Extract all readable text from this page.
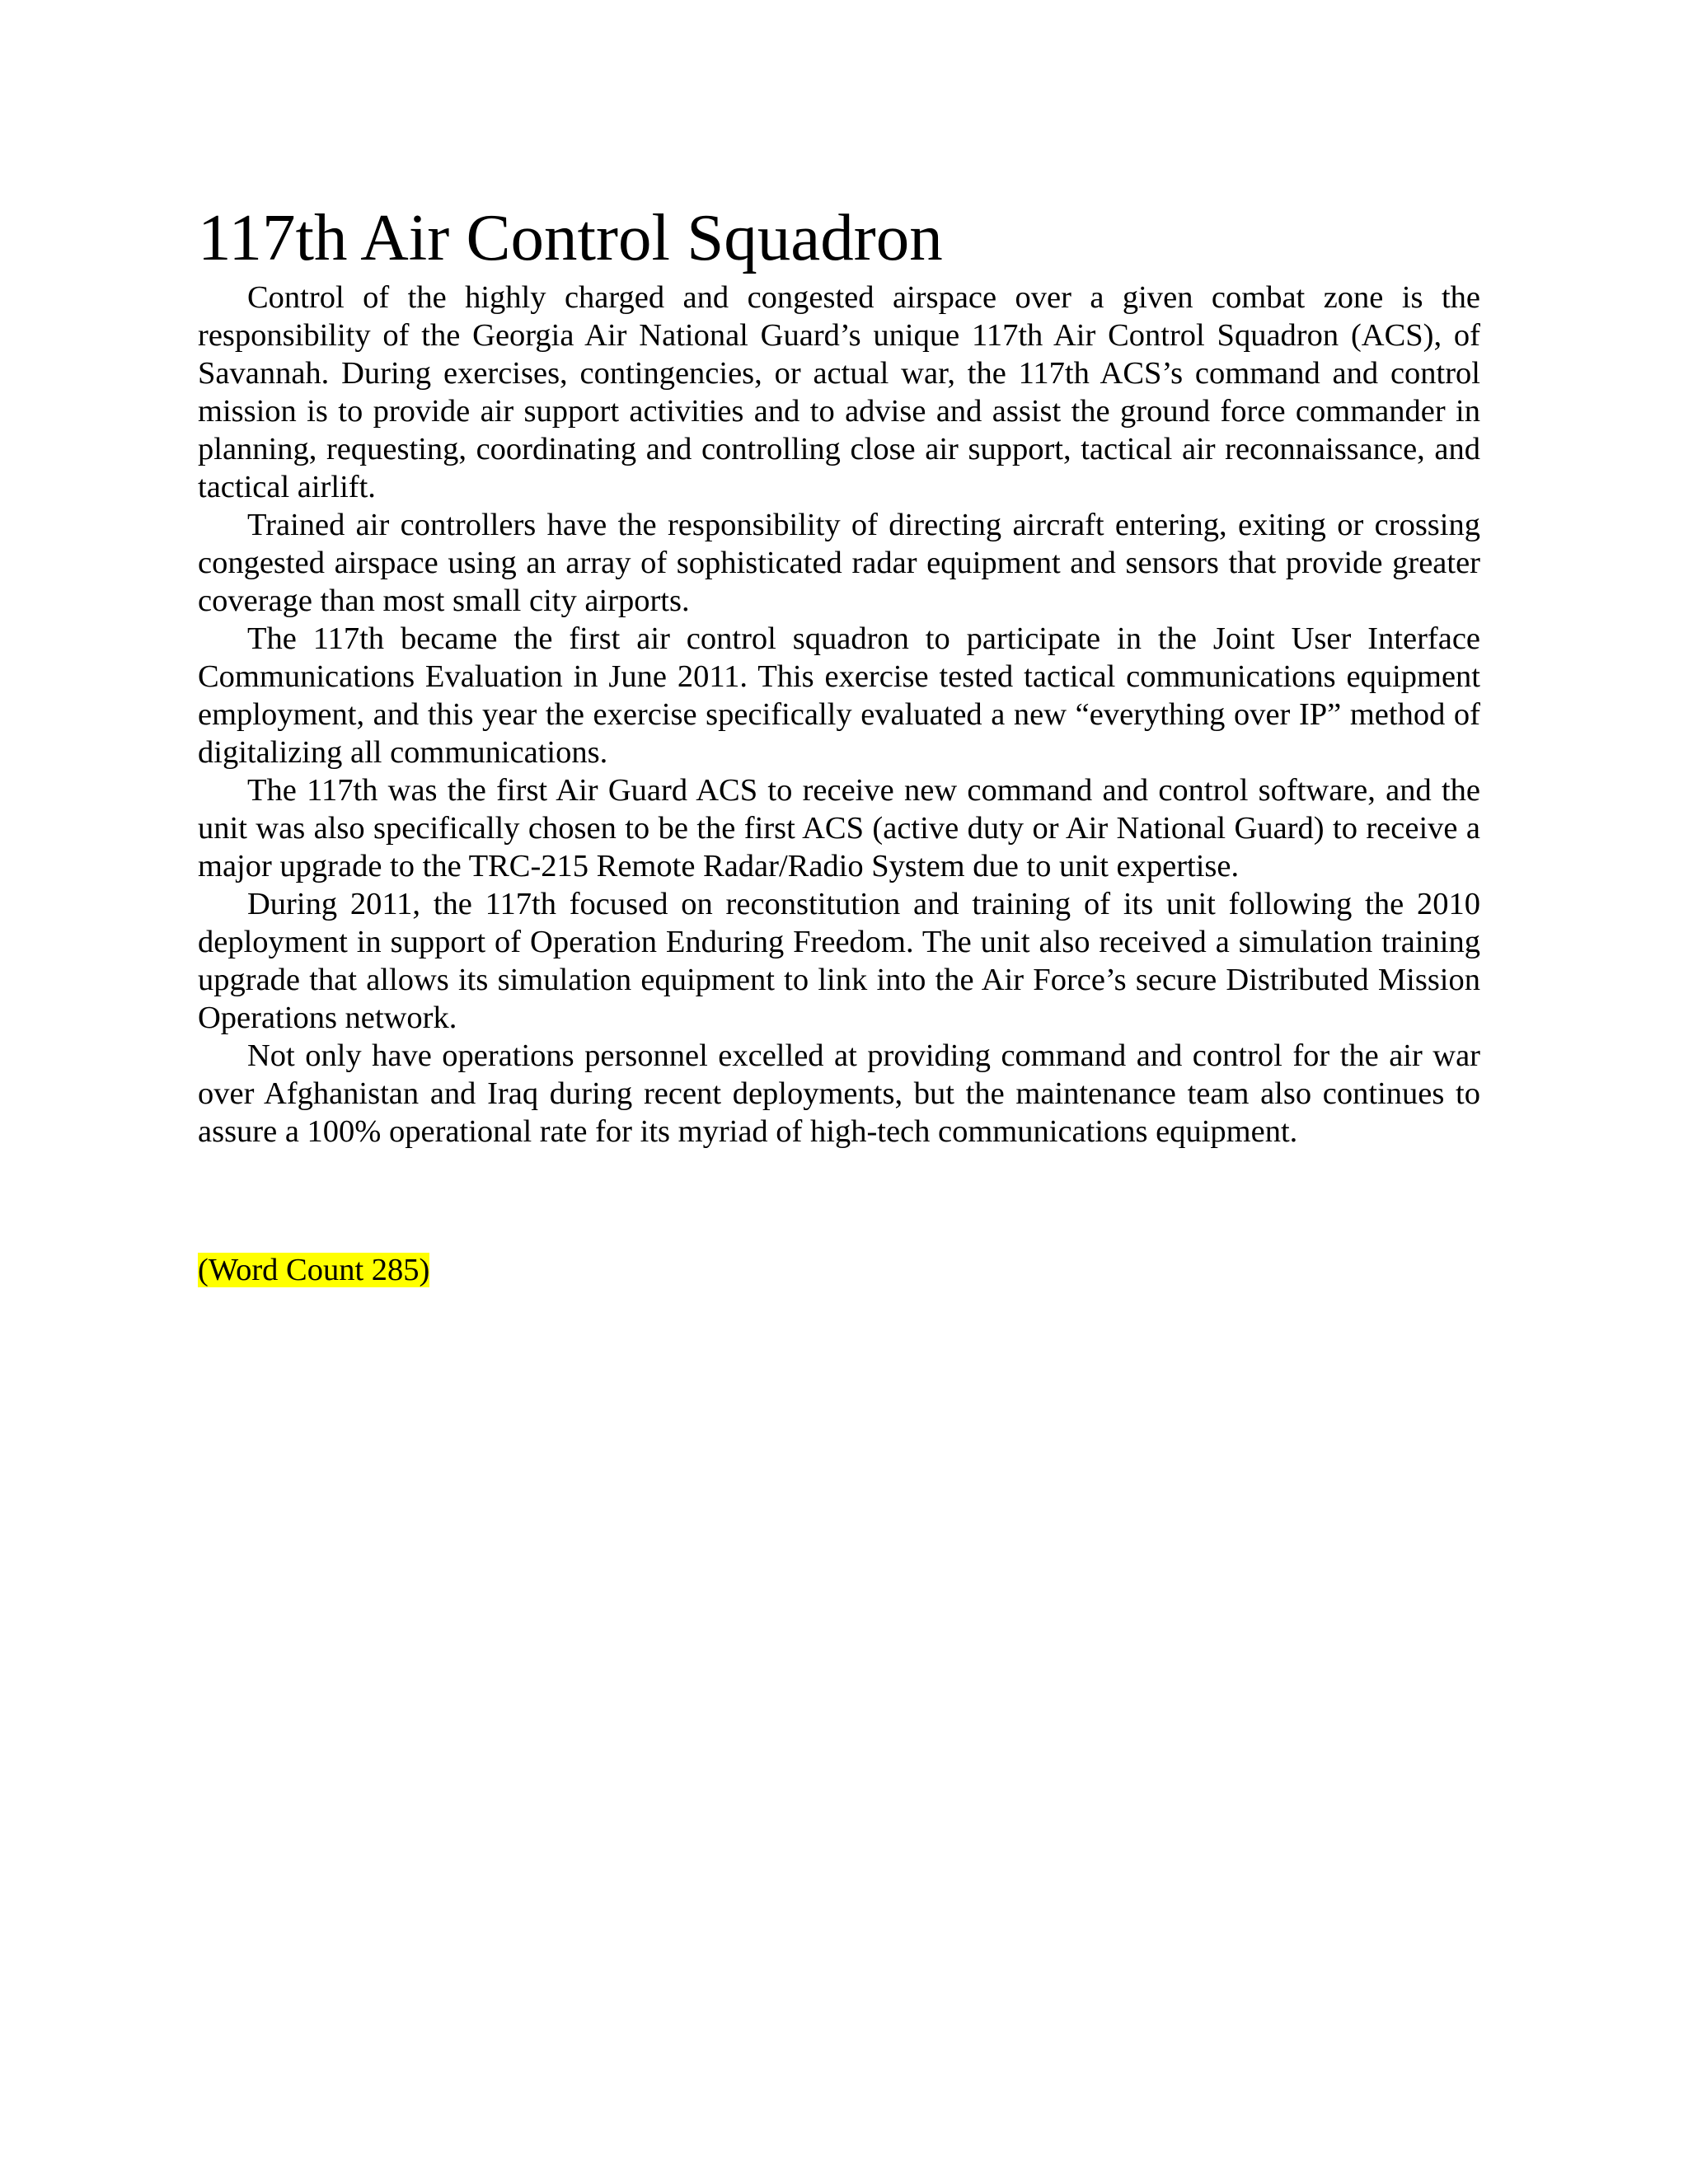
117th Air Control Squadron

Control of the highly charged and congested airspace over a given combat zone is the responsibility of the Georgia Air National Guard’s unique 117th Air Control Squadron (ACS), of Savannah. During exercises, contingencies, or actual war, the 117th ACS’s command and control mission is to provide air support activities and to advise and assist the ground force commander in planning, requesting, coordinating and controlling close air support, tactical air reconnaissance, and tactical airlift.

Trained air controllers have the responsibility of directing aircraft entering, exiting or crossing congested airspace using an array of sophisticated radar equipment and sensors that provide greater coverage than most small city airports.

The 117th became the first air control squadron to participate in the Joint User Interface Communications Evaluation in June 2011. This exercise tested tactical communications equipment employment, and this year the exercise specifically evaluated a new “everything over IP” method of digitalizing all communications.

The 117th was the first Air Guard ACS to receive new command and control software, and the unit was also specifically chosen to be the first ACS (active duty or Air National Guard) to receive a major upgrade to the TRC-215 Remote Radar/Radio System due to unit expertise.

During 2011, the 117th focused on reconstitution and training of its unit following the 2010 deployment in support of Operation Enduring Freedom. The unit also received a simulation training upgrade that allows its simulation equipment to link into the Air Force’s secure Distributed Mission Operations network.

Not only have operations personnel excelled at providing command and control for the air war over Afghanistan and Iraq during recent deployments, but the maintenance team also continues to assure a 100% operational rate for its myriad of high-tech communications equipment.

(Word Count 285)
